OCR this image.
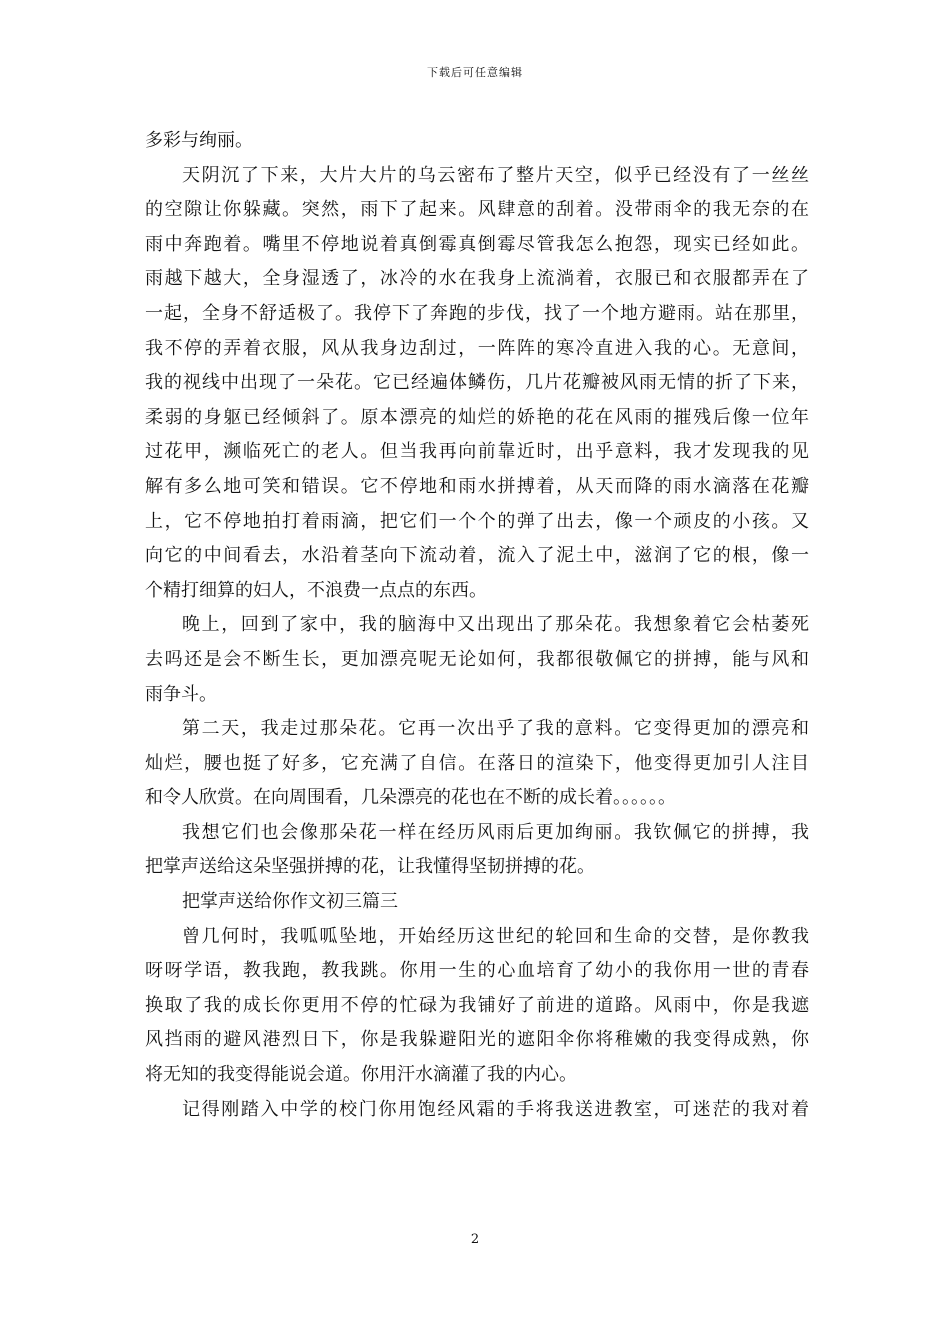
下载后可任意编辑
多彩与绚丽。
天阴沉了下来，大片大片的乌云密布了整片天空，似乎已经没有了一丝丝
的空隙让你躲藏。突然，雨下了起来。风肆意的刮着。没带雨伞的我无奈的在
雨中奔跑着。嘴里不停地说着真倒霉真倒霉尽管我怎么抱怨，现实已经如此。
雨越下越大，全身湿透了，冰冷的水在我身上流淌着，衣服已和衣服都弄在了
一起，全身不舒适极了。我停下了奔跑的步伐，找了一个地方避雨。站在那里，
我不停的弄着衣服，风从我身边刮过，一阵阵的寒冷直进入我的心。无意间，
我的视线中出现了一朵花。它已经遍体鳞伤，几片花瓣被风雨无情的折了下来，
柔弱的身躯已经倾斜了。原本漂亮的灿烂的娇艳的花在风雨的摧残后像一位年
过花甲，濒临死亡的老人。但当我再向前靠近时，出乎意料，我才发现我的见
解有多么地可笑和错误。它不停地和雨水拼搏着，从天而降的雨水滴落在花瓣
上，它不停地拍打着雨滴，把它们一个个的弹了出去，像一个顽皮的小孩。又
向它的中间看去，水沿着茎向下流动着，流入了泥土中，滋润了它的根，像一
个精打细算的妇人，不浪费一点点的东西。
晚上，回到了家中，我的脑海中又出现出了那朵花。我想象着它会枯萎死
去吗还是会不断生长，更加漂亮呢无论如何，我都很敬佩它的拼搏，能与风和
雨争斗。
第二天，我走过那朵花。它再一次出乎了我的意料。它变得更加的漂亮和
灿烂，腰也挺了好多，它充满了自信。在落日的渲染下，他变得更加引人注目
和令人欣赏。在向周围看，几朵漂亮的花也在不断的成长着。。。。。。
我想它们也会像那朵花一样在经历风雨后更加绚丽。我钦佩它的拼搏，我
把掌声送给这朵坚强拼搏的花，让我懂得坚韧拼搏的花。
把掌声送给你作文初三篇三
曾几何时，我呱呱坠地，开始经历这世纪的轮回和生命的交替，是你教我
呀呀学语，教我跑，教我跳。你用一生的心血培育了幼小的我你用一世的青春
换取了我的成长你更用不停的忙碌为我铺好了前进的道路。风雨中，你是我遮
风挡雨的避风港烈日下，你是我躲避阳光的遮阳伞你将稚嫩的我变得成熟，你
将无知的我变得能说会道。你用汗水滴灌了我的内心。
记得刚踏入中学的校门你用饱经风霜的手将我送进教室，可迷茫的我对着
2
